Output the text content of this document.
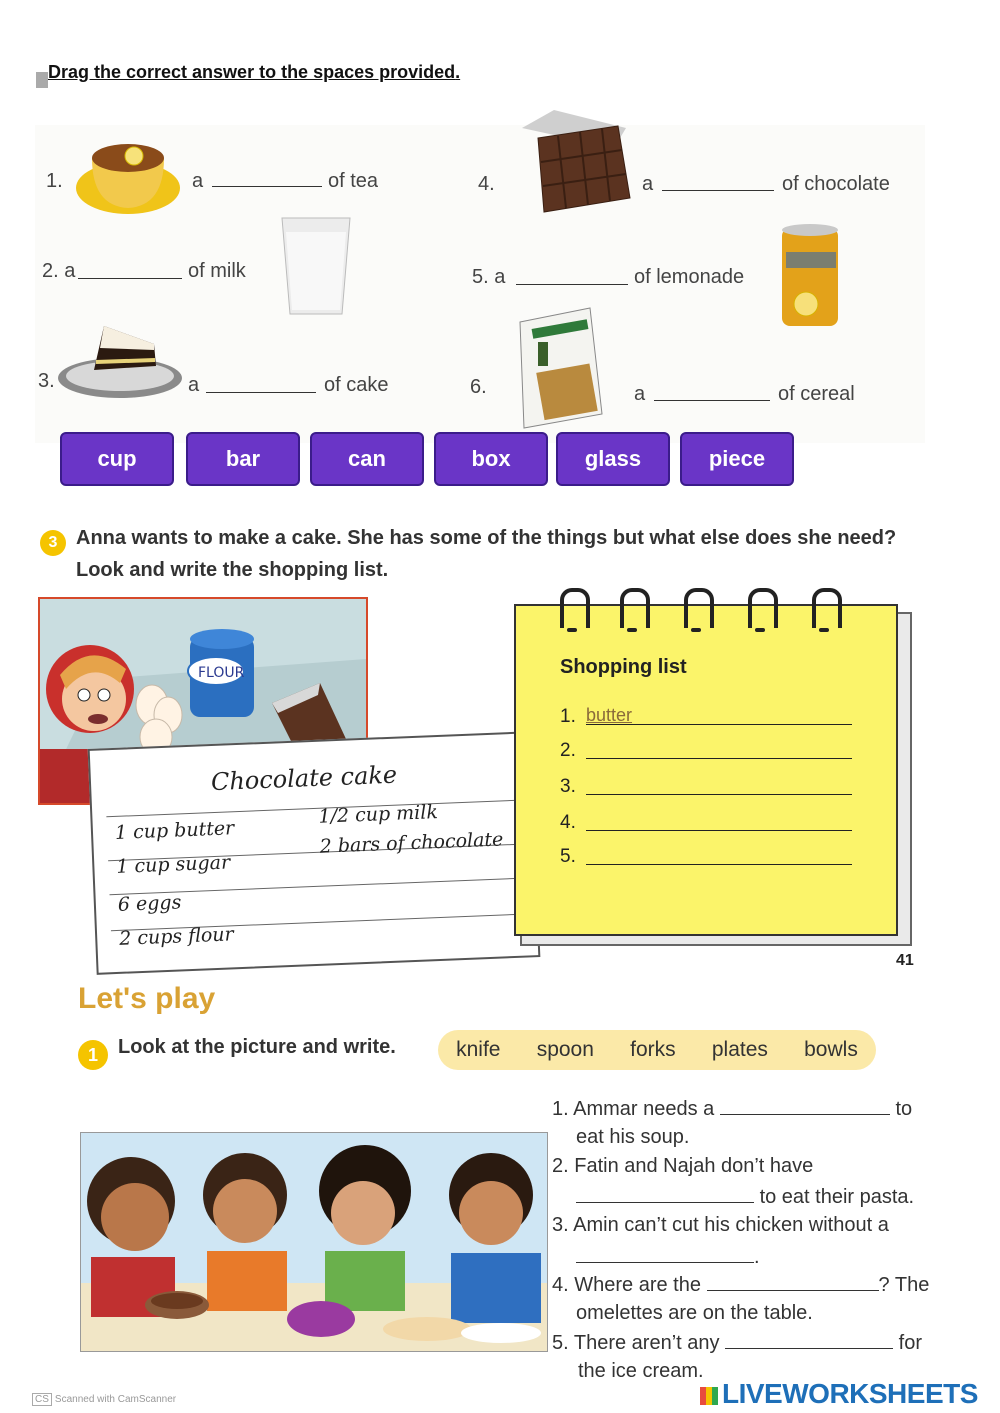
Drag the correct answer to the spaces provided.
1.	a	of tea
2. a	of milk
3.	a	of cake
4.	a	of chocolate
5. a	of lemonade
6.	a	of cereal
cup	bar	can	box	glass	piece
3 Anna wants to make a cake. She has some of the things but what else does she need? Look and write the shopping list.
FLOUR
Chocolate cake
1 cup butter
1 cup sugar
6 eggs
2 cups flour
1/2 cup milk
2 bars of chocolate
Shopping list
1. butter
2.
3.
4.
5.
41
Let's play
1	Look at the picture and write.	knife spoon forks plates bowls
1. Ammar needs a	to
eat his soup.
2. Fatin and Najah don’t have
to eat their pasta.
3. Amin can’t cut his chicken without a
.
4. Where are the	? The
omelettes are on the table.
5. There aren’t any	for
the ice cream.
CS Scanned with CamScanner	LIVEWORKSHEETS
